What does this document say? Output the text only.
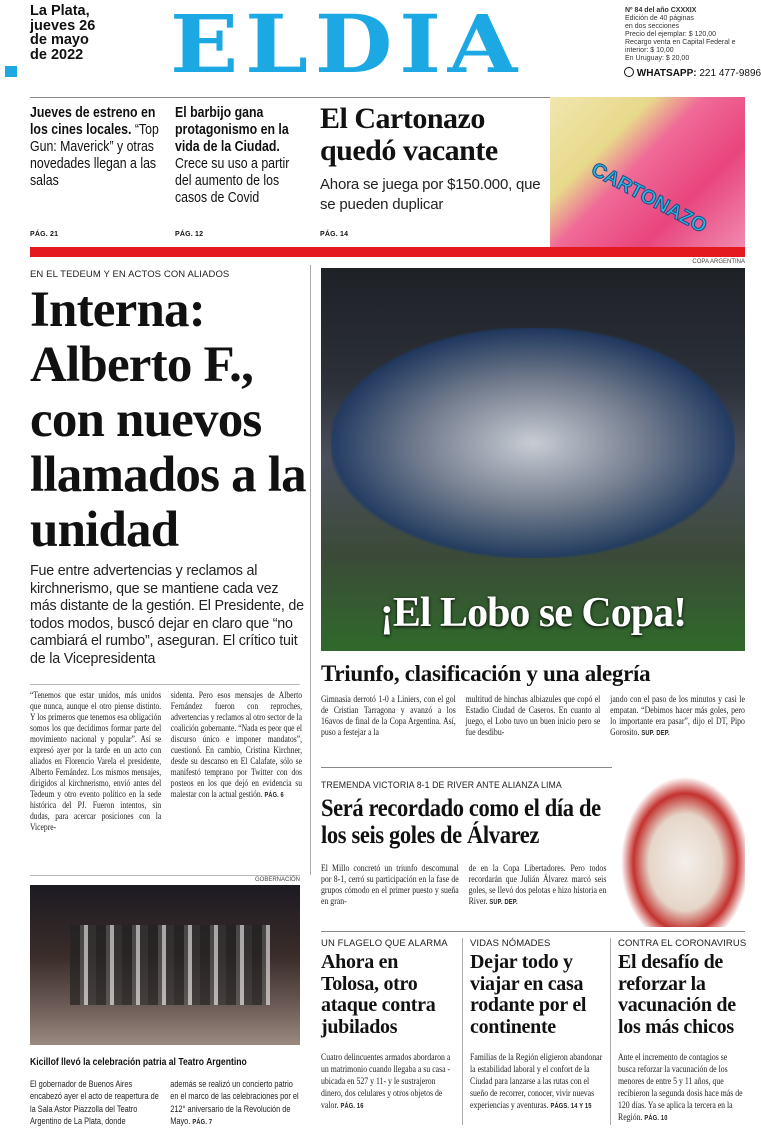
La Plata,
jueves 26
de mayo
de 2022 ELDIA	Nº 84 del año CXXXIX
Edición de 40 páginas
en dos secciones
Precio del ejemplar: $ 120,00
Recargo venta en Capital Federal e
interior: $ 10,00
En Uruguay: $ 20,00
WHATSAPP: 221 477-9896
Jueves de estreno en los cines locales. “Top Gun: Maverick” y otras novedades llegan a las salas
PÁG. 21
El barbijo gana protagonismo en la vida de la Ciudad. Crece su uso a partir del aumento de los casos de Covid
PÁG. 12	CARTONAZO
El Cartonazo quedó vacante
Ahora se juega por $150.000, que se pueden duplicar
PÁG. 14
EN EL TEDEUM Y EN ACTOS CON ALIADOS
Interna: Alberto F., con nuevos llamados a la unidad

Fue entre advertencias y reclamos al kirchnerismo, que se mantiene cada vez más distante de la gestión. El Presidente, de todos modos, buscó dejar en claro que “no cambiará el rumbo”, aseguran. El crítico tuit de la Vicepresidenta

“Tenemos que estar unidos, más unidos que nunca, aunque el otro piense distinto. Y los primeros que tenemos esa obligación somos los que decidimos formar parte del movimiento nacional y popular”. Así se expresó ayer por la tarde en un acto con aliados en Florencio Varela el presidente, Alberto Fernández. Los mismos mensajes, dirigidos al kirchnerismo, envió antes del Tedeum y otro evento político en la sede histórica del PJ. Fueron intentos, sin dudas, para acercar posiciones con la Vicepre-

sidenta. Pero esos mensajes de Alberto Fernández fueron con reproches, advertencias y reclamos al otro sector de la coalición gobernante. “Nada es peor que el discurso único e imponer mandatos”, cuestionó. En cambio, Cristina Kirchner, desde su descanso en El Calafate, sólo se manifestó temprano por Twitter con dos posteos en los que dejó en evidencia su malestar con la actual gestión. PÁG. 6

GOBERNACIÓN
Kicillof llevó la celebración patria al Teatro Argentino

El gobernador de Buenos Aires encabezó ayer el acto de reapertura de la Sala Astor Piazzolla del Teatro Argentino de La Plata, donde

además se realizó un concierto patrio en el marco de las celebraciones por el 212° aniversario de la Revolución de Mayo. PÁG. 7

COPA ARGENTINA
¡El Lobo se Copa!
Triunfo, clasificación y una alegría

Gimnasia derrotó 1-0 a Liniers, con el gol de Cristian Tarragona y avanzó a los 16avos de final de la Copa Argentina. Así, puso a festejar a la

multitud de hinchas albiazules que copó el Estadio Ciudad de Caseros. En cuanto al juego, el Lobo tuvo un buen inicio pero se fue desdibu-

jando con el paso de los minutos y casi le empatan. “Debimos hacer más goles, pero lo importante era pasar”, dijo el DT, Pipo Gorosito. SUP. DEP.

TREMENDA VICTORIA 8-1 DE RIVER ANTE ALIANZA LIMA
Será recordado como el día de los seis goles de Álvarez

El Millo concretó un triunfo descomunal por 8-1, cerró su participación en la fase de grupos cómodo en el primer puesto y sueña en gran-

de en la Copa Libertadores. Pero todos recordarán que Julián Álvarez marcó seis goles, se llevó dos pelotas e hizo historia en River. SUP. DEP.

UN FLAGELO QUE ALARMA
Ahora en Tolosa, otro ataque contra jubilados

Cuatro delincuentes armados abordaron a un matrimonio cuando llegaba a su casa -ubicada en 527 y 11- y le sustrajeron dinero, dos celulares y otros objetos de valor. PÁG. 16

VIDAS NÓMADES
Dejar todo y viajar en casa rodante por el continente

Familias de la Región eligieron abandonar la estabilidad laboral y el confort de la Ciudad para lanzarse a las rutas con el sueño de recorrer, conocer, vivir nuevas experiencias y aventuras. PÁGS. 14 Y 15

CONTRA EL CORONAVIRUS
El desafío de reforzar la vacunación de los más chicos

Ante el incremento de contagios se busca reforzar la vacunación de los menores de entre 5 y 11 años, que recibieron la segunda dosis hace más de 120 días. Ya se aplica la tercera en la Región. PÁG. 10
